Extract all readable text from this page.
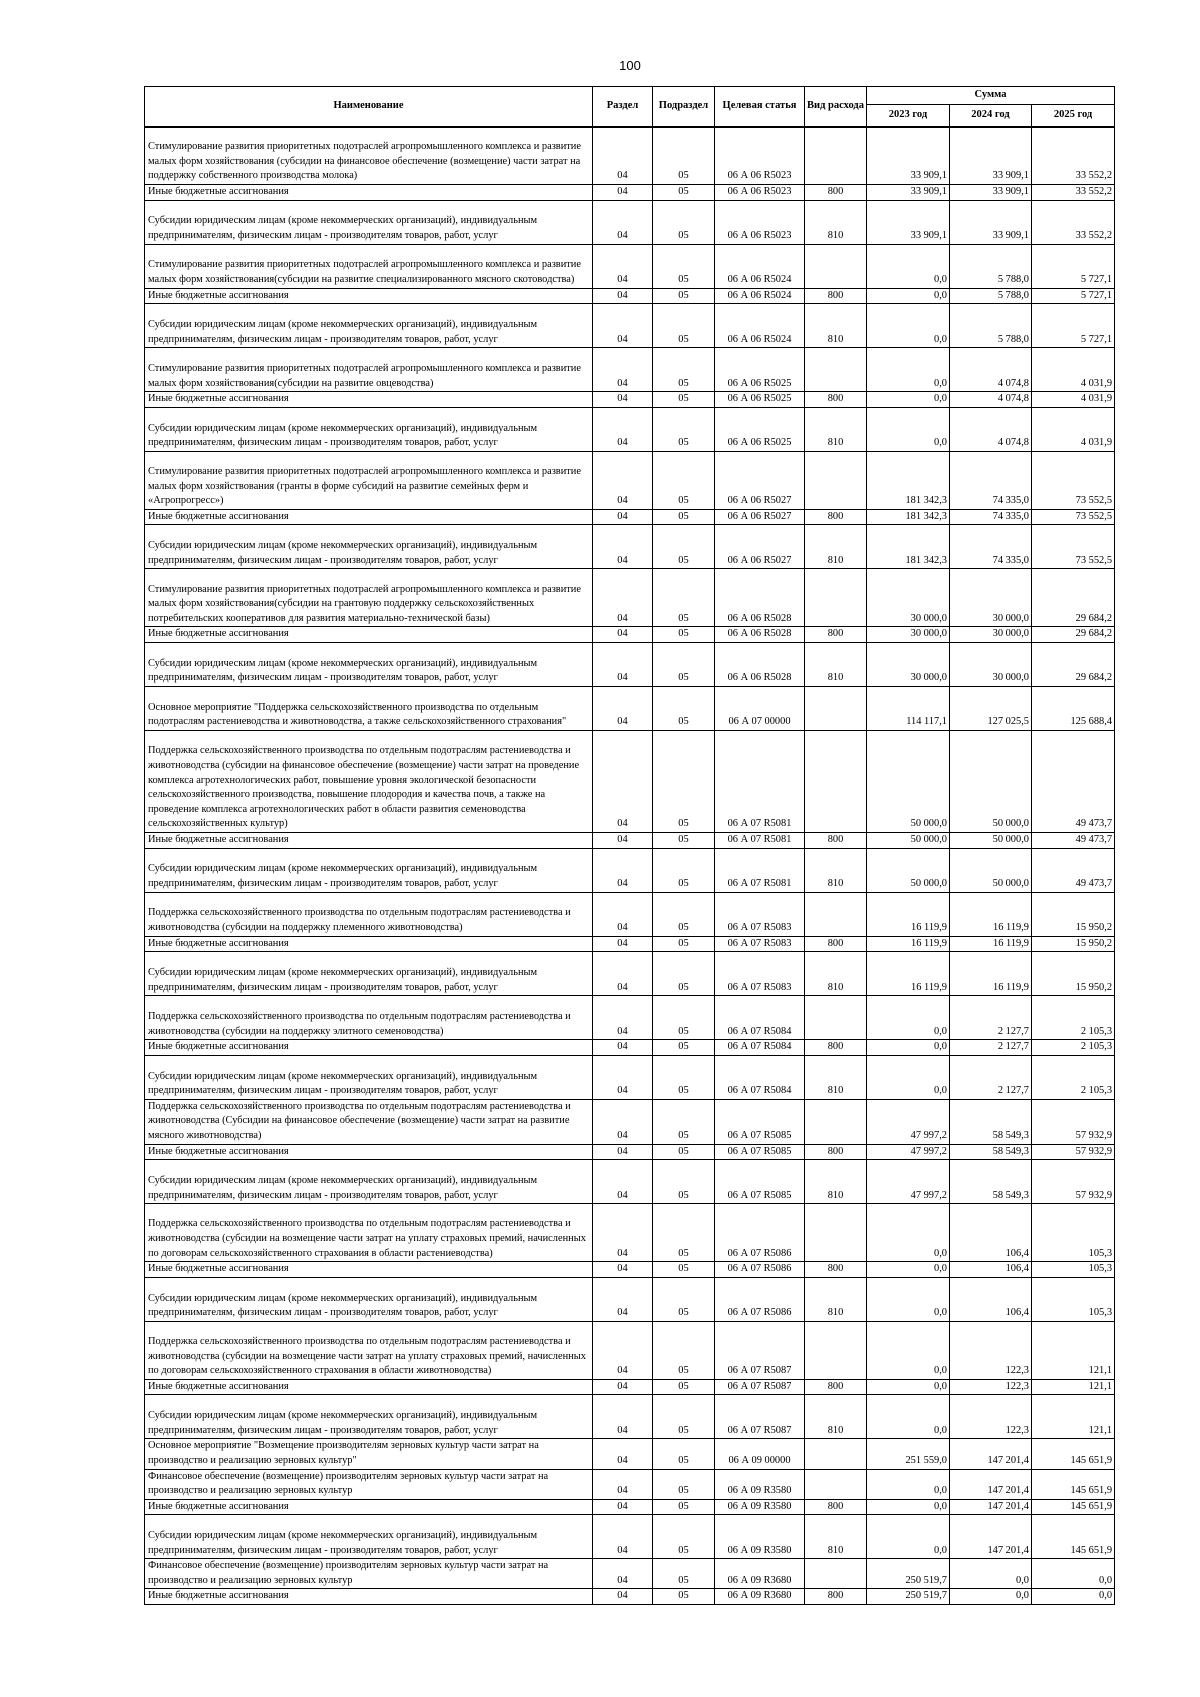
100
Наименование	Раздел	Подраздел	Целевая статья	Вид расхода	Сумма		
					2023 год	2024 год	2025 год
Стимулирование развития приоритетных подотраслей агропромышленного комплекса и развитие малых форм хозяйствования (субсидии на финансовое обеспечение (возмещение) части затрат на поддержку собственного производства молока)	04	05	06 А 06 R5023		33 909,1	33 909,1	33 552,2
Иные бюджетные ассигнования	04	05	06 А 06 R5023	800	33 909,1	33 909,1	33 552,2
Субсидии юридическим лицам (кроме некоммерческих организаций), индивидуальным предпринимателям, физическим лицам - производителям товаров, работ, услуг	04	05	06 А 06 R5023	810	33 909,1	33 909,1	33 552,2
Стимулирование развития приоритетных подотраслей агропромышленного комплекса и развитие малых форм хозяйствования(субсидии на развитие специализированного мясного скотоводства)	04	05	06 А 06 R5024		0,0	5 788,0	5 727,1
Иные бюджетные ассигнования	04	05	06 А 06 R5024	800	0,0	5 788,0	5 727,1
Субсидии юридическим лицам (кроме некоммерческих организаций), индивидуальным предпринимателям, физическим лицам - производителям товаров, работ, услуг	04	05	06 А 06 R5024	810	0,0	5 788,0	5 727,1
Стимулирование развития приоритетных подотраслей агропромышленного комплекса и развитие малых форм хозяйствования(субсидии на развитие овцеводства)	04	05	06 А 06 R5025		0,0	4 074,8	4 031,9
Иные бюджетные ассигнования	04	05	06 А 06 R5025	800	0,0	4 074,8	4 031,9
Субсидии юридическим лицам (кроме некоммерческих организаций), индивидуальным предпринимателям, физическим лицам - производителям товаров, работ, услуг	04	05	06 А 06 R5025	810	0,0	4 074,8	4 031,9
Стимулирование развития приоритетных подотраслей агропромышленного комплекса и развитие малых форм хозяйствования (гранты в форме субсидий на развитие семейных ферм и «Агропрогресс»)	04	05	06 А 06 R5027		181 342,3	74 335,0	73 552,5
Иные бюджетные ассигнования	04	05	06 А 06 R5027	800	181 342,3	74 335,0	73 552,5
Субсидии юридическим лицам (кроме некоммерческих организаций), индивидуальным предпринимателям, физическим лицам - производителям товаров, работ, услуг	04	05	06 А 06 R5027	810	181 342,3	74 335,0	73 552,5
Стимулирование развития приоритетных подотраслей агропромышленного комплекса и развитие малых форм хозяйствования(субсидии на грантовую поддержку сельскохозяйственных потребительских кооперативов для развития материально-технической базы)	04	05	06 А 06 R5028		30 000,0	30 000,0	29 684,2
Иные бюджетные ассигнования	04	05	06 А 06 R5028	800	30 000,0	30 000,0	29 684,2
Субсидии юридическим лицам (кроме некоммерческих организаций), индивидуальным предпринимателям, физическим лицам - производителям товаров, работ, услуг	04	05	06 А 06 R5028	810	30 000,0	30 000,0	29 684,2
Основное мероприятие "Поддержка сельскохозяйственного производства по отдельным подотраслям растениеводства и животноводства, а также сельскохозяйственного страхования"	04	05	06 А 07 00000		114 117,1	127 025,5	125 688,4
Поддержка сельскохозяйственного производства по отдельным подотраслям растениеводства и животноводства (субсидии на финансовое обеспечение (возмещение) части затрат на проведение комплекса агротехнологических работ, повышение уровня экологической безопасности сельскохозяйственного производства, повышение плодородия и качества почв, а также на проведение комплекса агротехнологических работ в области развития семеноводства сельскохозяйственных культур)	04	05	06 А 07 R5081		50 000,0	50 000,0	49 473,7
Иные бюджетные ассигнования	04	05	06 А 07 R5081	800	50 000,0	50 000,0	49 473,7
Субсидии юридическим лицам (кроме некоммерческих организаций), индивидуальным предпринимателям, физическим лицам - производителям товаров, работ, услуг	04	05	06 А 07 R5081	810	50 000,0	50 000,0	49 473,7
Поддержка сельскохозяйственного производства по отдельным подотраслям растениеводства и животноводства (субсидии на поддержку племенного животноводства)	04	05	06 А 07 R5083		16 119,9	16 119,9	15 950,2
Иные бюджетные ассигнования	04	05	06 А 07 R5083	800	16 119,9	16 119,9	15 950,2
Субсидии юридическим лицам (кроме некоммерческих организаций), индивидуальным предпринимателям, физическим лицам - производителям товаров, работ, услуг	04	05	06 А 07 R5083	810	16 119,9	16 119,9	15 950,2
Поддержка сельскохозяйственного производства по отдельным подотраслям растениеводства и животноводства (субсидии на поддержку элитного семеноводства)	04	05	06 А 07 R5084		0,0	2 127,7	2 105,3
Иные бюджетные ассигнования	04	05	06 А 07 R5084	800	0,0	2 127,7	2 105,3
Субсидии юридическим лицам (кроме некоммерческих организаций), индивидуальным предпринимателям, физическим лицам - производителям товаров, работ, услуг	04	05	06 А 07 R5084	810	0,0	2 127,7	2 105,3
Поддержка сельскохозяйственного производства по отдельным подотраслям растениеводства и животноводства (Субсидии на финансовое обеспечение (возмещение) части затрат на развитие мясного животноводства)	04	05	06 А 07 R5085		47 997,2	58 549,3	57 932,9
Иные бюджетные ассигнования	04	05	06 А 07 R5085	800	47 997,2	58 549,3	57 932,9
Субсидии юридическим лицам (кроме некоммерческих организаций), индивидуальным предпринимателям, физическим лицам - производителям товаров, работ, услуг	04	05	06 А 07 R5085	810	47 997,2	58 549,3	57 932,9
Поддержка сельскохозяйственного производства по отдельным подотраслям растениеводства и животноводства (субсидии на возмещение части затрат на уплату страховых премий, начисленных по договорам сельскохозяйственного страхования в области растениеводства)	04	05	06 А 07 R5086		0,0	106,4	105,3
Иные бюджетные ассигнования	04	05	06 А 07 R5086	800	0,0	106,4	105,3
Субсидии юридическим лицам (кроме некоммерческих организаций), индивидуальным предпринимателям, физическим лицам - производителям товаров, работ, услуг	04	05	06 А 07 R5086	810	0,0	106,4	105,3
Поддержка сельскохозяйственного производства по отдельным подотраслям растениеводства и животноводства (субсидии на возмещение части затрат на уплату страховых премий, начисленных по договорам сельскохозяйственного страхования в области животноводства)	04	05	06 А 07 R5087		0,0	122,3	121,1
Иные бюджетные ассигнования	04	05	06 А 07 R5087	800	0,0	122,3	121,1
Субсидии юридическим лицам (кроме некоммерческих организаций), индивидуальным предпринимателям, физическим лицам - производителям товаров, работ, услуг	04	05	06 А 07 R5087	810	0,0	122,3	121,1
Основное мероприятие "Возмещение производителям зерновых культур части затрат на производство и реализацию зерновых культур"	04	05	06 А 09 00000		251 559,0	147 201,4	145 651,9
Финансовое обеспечение (возмещение) производителям зерновых культур части затрат на производство и реализацию зерновых культур	04	05	06 А 09 R3580		0,0	147 201,4	145 651,9
Иные бюджетные ассигнования	04	05	06 А 09 R3580	800	0,0	147 201,4	145 651,9
Субсидии юридическим лицам (кроме некоммерческих организаций), индивидуальным предпринимателям, физическим лицам - производителям товаров, работ, услуг	04	05	06 А 09 R3580	810	0,0	147 201,4	145 651,9
Финансовое обеспечение (возмещение) производителям зерновых культур части затрат на производство и реализацию зерновых культур	04	05	06 А 09 R3680		250 519,7	0,0	0,0
Иные бюджетные ассигнования	04	05	06 А 09 R3680	800	250 519,7	0,0	0,0
